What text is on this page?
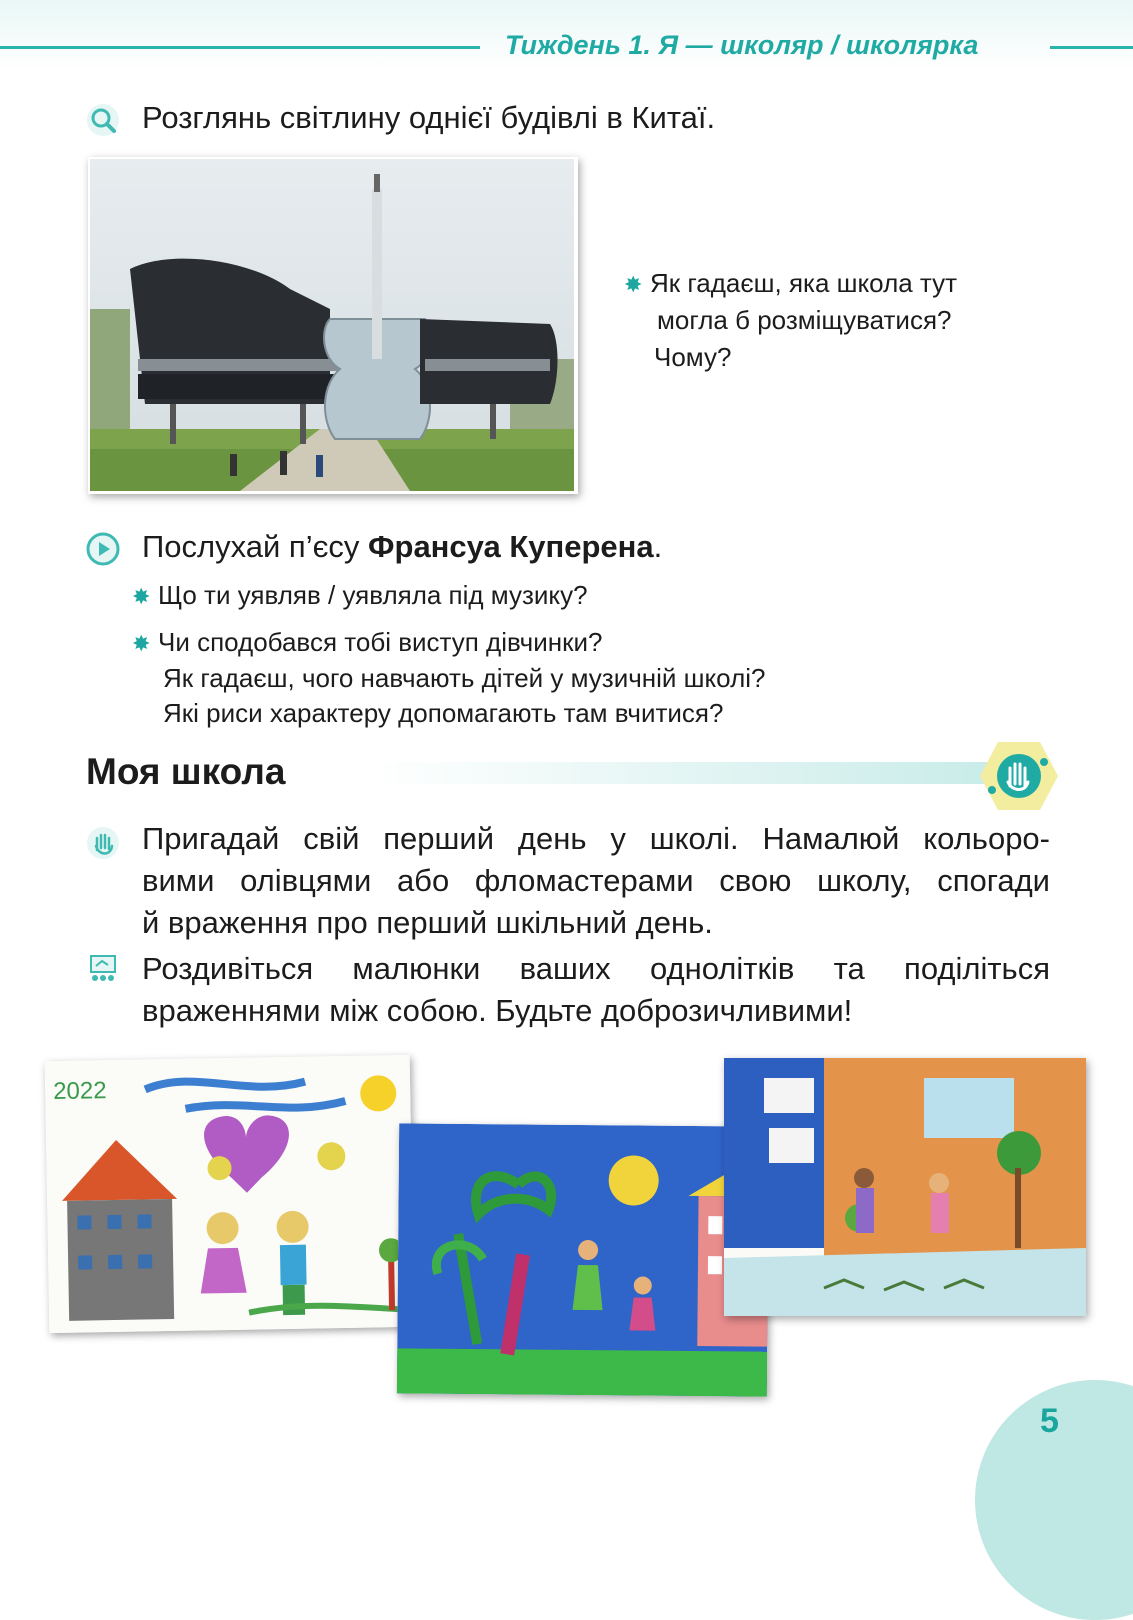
Тиждень 1. Я — школяр / школярка
Розглянь світлину однієї будівлі в Китаї.
✸ Як гадаєш, яка школа тут
могла б розміщуватися?
Чому?
Послухай п’єсу Франсуа Куперена.
✸ Що ти уявляв / уявляла під музику?
✸ Чи сподобався тобі виступ дівчинки?
Як гадаєш, чого навчають дітей у музичній школі?
Які риси характеру допомагають там вчитися?
Моя школа
Пригадай свій перший день у школі. Намалюй кольоро-
вими олівцями або фломастерами свою школу, спогади
й враження про перший шкільний день.
Роздивіться малюнки ваших однолітків та поділіться
враженнями між собою. Будьте доброзичливими!
2022
5
